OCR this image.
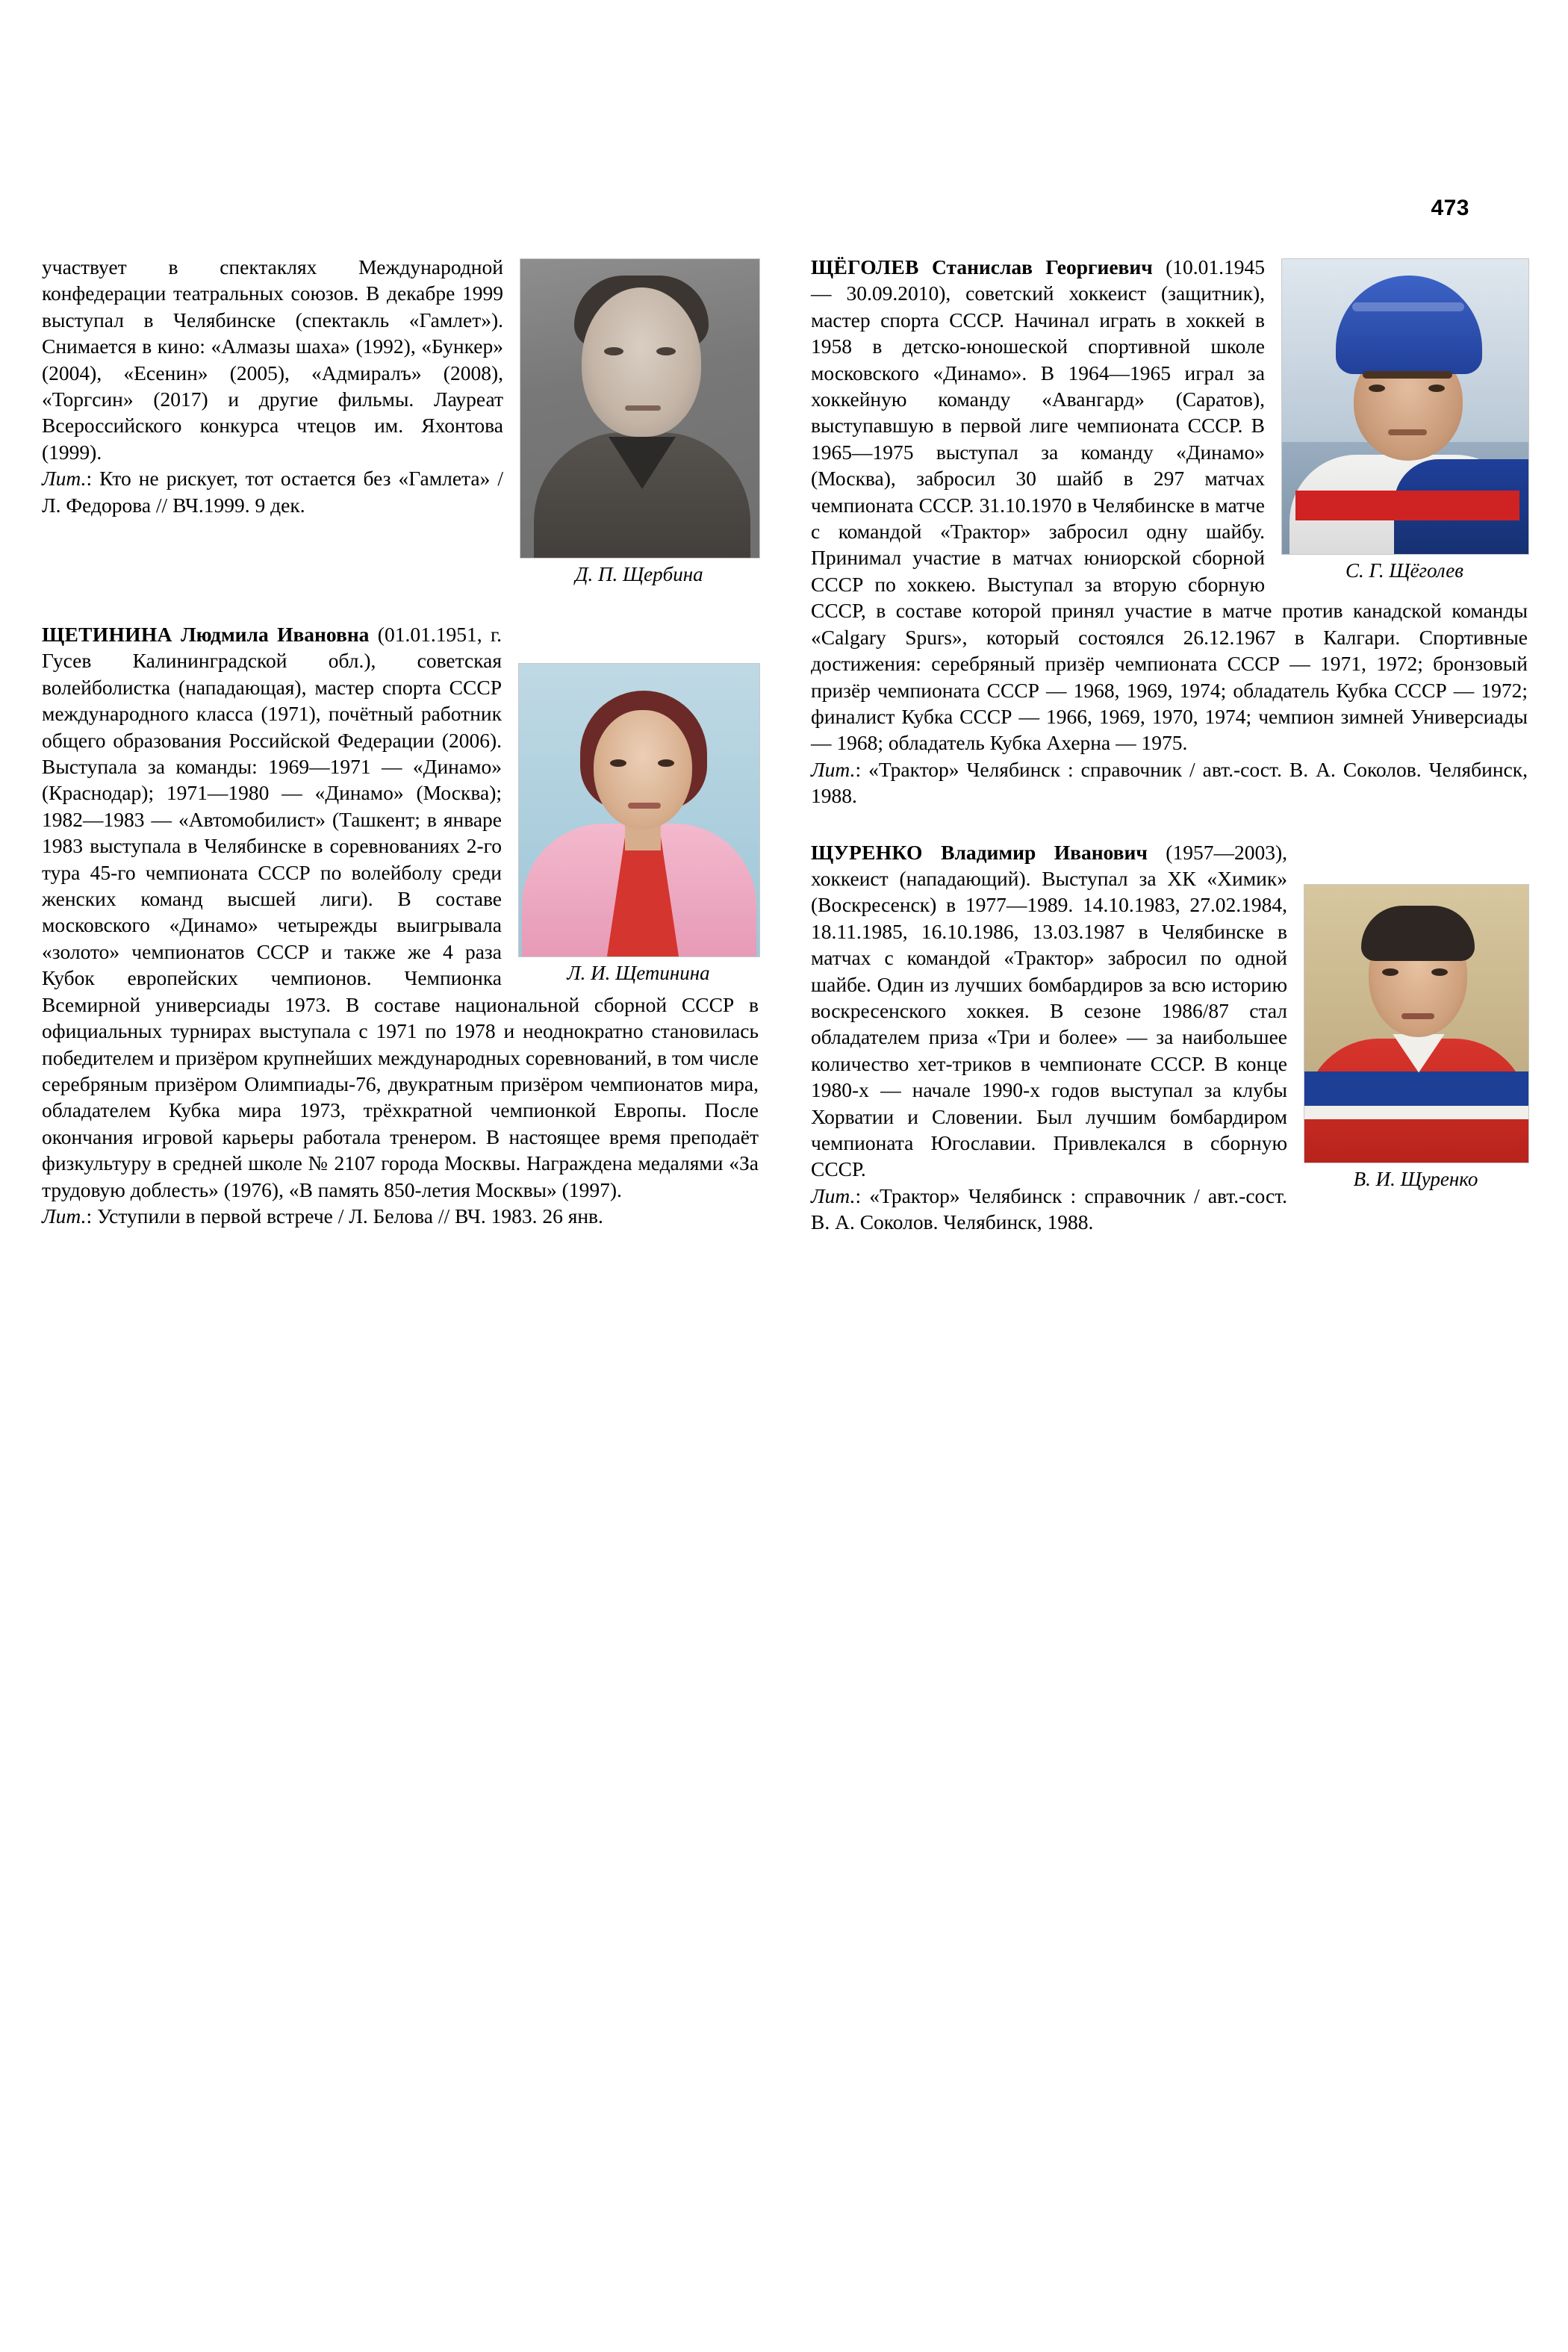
473
Д. П. Щербина

участвует в спектаклях Международной конфедерации театральных союзов. В декабре 1999 выступал в Челябинске (спектакль «Гамлет»). Снимается в кино: «Алмазы шаха» (1992), «Бункер» (2004), «Есенин» (2005), «Адмиралъ» (2008), «Торгсин» (2017) и другие фильмы. Лауреат Всероссийского конкурса чтецов им. Яхонтова (1999).

Лит.: Кто не рискует, тот остается без «Гамлета» / Л. Федорова // ВЧ.1999. 9 дек.

Л. И. Щетинина
ЩЕТИНИНА Людмила Ивановна (01.01.1951, г. Гусев Калининградской обл.), советская волейболистка (нападающая), мастер спорта СССР международного класса (1971), почётный работник общего образования Российской Федерации (2006). Выступала за команды: 1969—1971 — «Динамо» (Краснодар); 1971—1980 — «Динамо» (Москва); 1982—1983 — «Автомобилист» (Ташкент; в январе 1983 выступала в Челябинске в соревнованиях 2-го тура 45-го чемпионата СССР по волейболу среди женских команд высшей лиги). В составе московского «Динамо» четырежды выигрывала «золото» чемпионатов СССР и также же 4 раза Кубок европейских чемпионов. Чемпионка Всемирной универсиады 1973. В составе национальной сборной СССР в официальных турнирах выступала с 1971 по 1978 и неоднократно становилась победителем и призёром крупнейших международных соревнований, в том числе серебряным призёром Олимпиады-76, двукратным призёром чемпионатов мира, обладателем Кубка мира 1973, трёхкратной чемпионкой Европы. После окончания игровой карьеры работала тренером. В настоящее время преподаёт физкультуру в средней школе № 2107 города Москвы. Награждена медалями «За трудовую доблесть» (1976), «В память 850-летия Москвы» (1997).

Лит.: Уступили в первой встрече / Л. Белова // ВЧ. 1983. 26 янв.

С. Г. Щёголев

ЩЁГОЛЕВ Станислав Георгиевич (10.01.1945 — 30.09.2010), советский хоккеист (защитник), мастер спорта СССР. Начинал играть в хоккей в 1958 в детско-юношеской спортивной школе московского «Динамо». В 1964—1965 играл за хоккейную команду «Авангард» (Саратов), выступавшую в первой лиге чемпионата СССР. В 1965—1975 выступал за команду «Динамо» (Москва), забросил 30 шайб в 297 матчах чемпионата СССР. 31.10.1970 в Челябинске в матче с командой «Трактор» забросил одну шайбу. Принимал участие в матчах юниорской сборной СССР по хоккею. Выступал за вторую сборную СССР, в составе которой принял участие в матче против канадской команды «Calgary Spurs», который состоялся 26.12.1967 в Калгари. Спортивные достижения: серебряный призёр чемпионата СССР — 1971, 1972; бронзовый призёр чемпионата СССР — 1968, 1969, 1974; обладатель Кубка СССР — 1972; финалист Кубка СССР — 1966, 1969, 1970, 1974; чемпион зимней Универсиады — 1968; обладатель Кубка Ахерна — 1975.

Лит.: «Трактор» Челябинск : справочник / авт.-сост. В. А. Соколов. Челябинск, 1988.

В. И. Щуренко

ЩУРЕНКО Владимир Иванович (1957—2003), хоккеист (нападающий). Выступал за ХК «Химик» (Воскресенск) в 1977—1989. 14.10.1983, 27.02.1984, 18.11.1985, 16.10.1986, 13.03.1987 в Челябинске в матчах с командой «Трактор» забросил по одной шайбе. Один из лучших бомбардиров за всю историю воскресенского хоккея. В сезоне 1986/87 стал обладателем приза «Три и более» — за наибольшее количество хет-триков в чемпионате СССР. В конце 1980-х — начале 1990-х годов выступал за клубы Хорватии и Словении. Был лучшим бомбардиром чемпионата Югославии. Привлекался в сборную СССР.

Лит.: «Трактор» Челябинск : справочник / авт.-сост. В. А. Соколов. Челябинск, 1988.
